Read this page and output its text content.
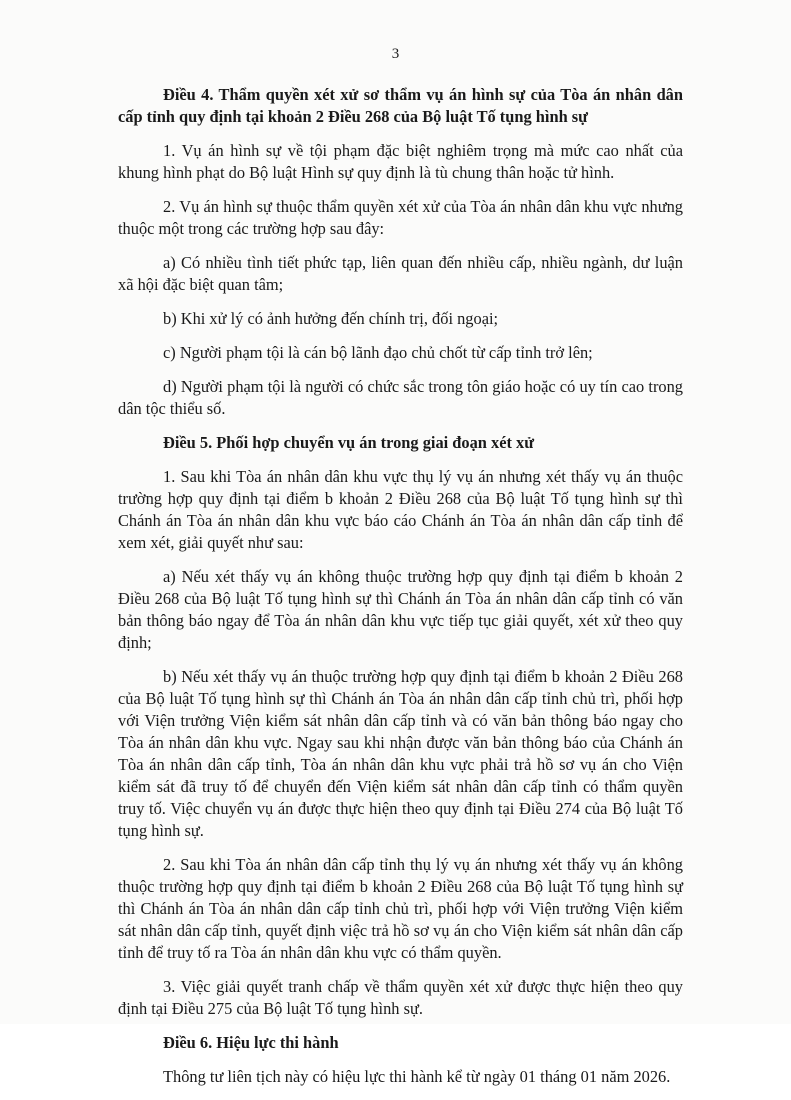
3

Điều 4. Thẩm quyền xét xử sơ thẩm vụ án hình sự của Tòa án nhân dân cấp tỉnh quy định tại khoản 2 Điều 268 của Bộ luật Tố tụng hình sự

1. Vụ án hình sự về tội phạm đặc biệt nghiêm trọng mà mức cao nhất của khung hình phạt do Bộ luật Hình sự quy định là tù chung thân hoặc tử hình.

2. Vụ án hình sự thuộc thẩm quyền xét xử của Tòa án nhân dân khu vực nhưng thuộc một trong các trường hợp sau đây:

a) Có nhiều tình tiết phức tạp, liên quan đến nhiều cấp, nhiều ngành, dư luận xã hội đặc biệt quan tâm;

b) Khi xử lý có ảnh hưởng đến chính trị, đối ngoại;

c) Người phạm tội là cán bộ lãnh đạo chủ chốt từ cấp tỉnh trở lên;

d) Người phạm tội là người có chức sắc trong tôn giáo hoặc có uy tín cao trong dân tộc thiểu số.

Điều 5. Phối hợp chuyển vụ án trong giai đoạn xét xử

1. Sau khi Tòa án nhân dân khu vực thụ lý vụ án nhưng xét thấy vụ án thuộc trường hợp quy định tại điểm b khoản 2 Điều 268 của Bộ luật Tố tụng hình sự thì Chánh án Tòa án nhân dân khu vực báo cáo Chánh án Tòa án nhân dân cấp tỉnh để xem xét, giải quyết như sau:

a) Nếu xét thấy vụ án không thuộc trường hợp quy định tại điểm b khoản 2 Điều 268 của Bộ luật Tố tụng hình sự thì Chánh án Tòa án nhân dân cấp tỉnh có văn bản thông báo ngay để Tòa án nhân dân khu vực tiếp tục giải quyết, xét xử theo quy định;

b) Nếu xét thấy vụ án thuộc trường hợp quy định tại điểm b khoản 2 Điều 268 của Bộ luật Tố tụng hình sự thì Chánh án Tòa án nhân dân cấp tỉnh chủ trì, phối hợp với Viện trưởng Viện kiểm sát nhân dân cấp tỉnh và có văn bản thông báo ngay cho Tòa án nhân dân khu vực. Ngay sau khi nhận được văn bản thông báo của Chánh án Tòa án nhân dân cấp tỉnh, Tòa án nhân dân khu vực phải trả hồ sơ vụ án cho Viện kiểm sát đã truy tố để chuyển đến Viện kiểm sát nhân dân cấp tỉnh có thẩm quyền truy tố. Việc chuyển vụ án được thực hiện theo quy định tại Điều 274 của Bộ luật Tố tụng hình sự.

2. Sau khi Tòa án nhân dân cấp tỉnh thụ lý vụ án nhưng xét thấy vụ án không thuộc trường hợp quy định tại điểm b khoản 2 Điều 268 của Bộ luật Tố tụng hình sự thì Chánh án Tòa án nhân dân cấp tỉnh chủ trì, phối hợp với Viện trưởng Viện kiểm sát nhân dân cấp tỉnh, quyết định việc trả hồ sơ vụ án cho Viện kiểm sát nhân dân cấp tỉnh để truy tố ra Tòa án nhân dân khu vực có thẩm quyền.

3. Việc giải quyết tranh chấp về thẩm quyền xét xử được thực hiện theo quy định tại Điều 275 của Bộ luật Tố tụng hình sự.

Điều 6. Hiệu lực thi hành

Thông tư liên tịch này có hiệu lực thi hành kể từ ngày 01 tháng 01 năm 2026.
